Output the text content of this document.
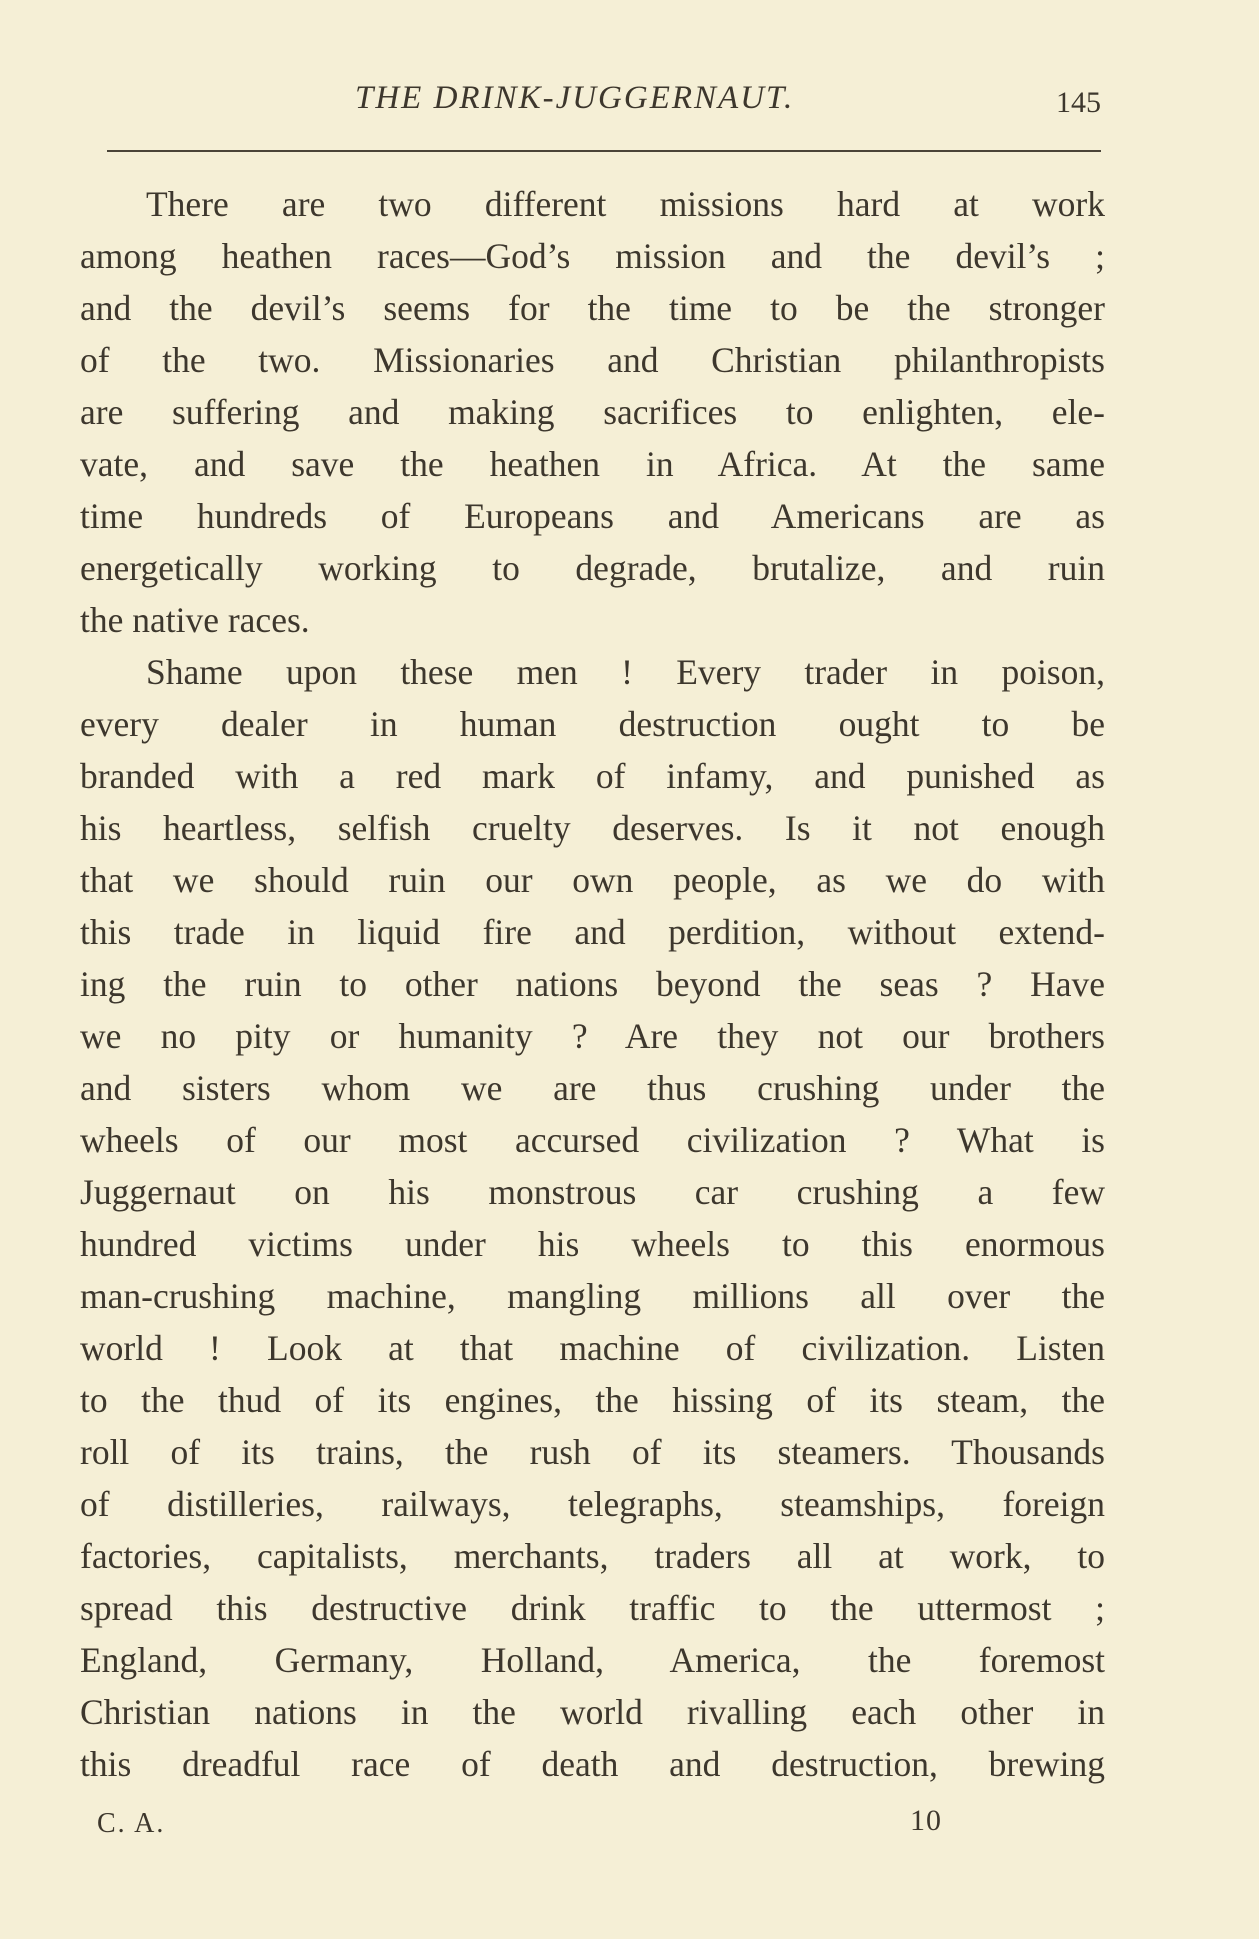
THE DRINK-JUGGERNAUT.	145
There are two different missions hard at work
among heathen races—God’s mission and the devil’s ;
and the devil’s seems for the time to be the stronger
of the two. Missionaries and Christian philanthropists
are suffering and making sacrifices to enlighten, ele-
vate, and save the heathen in Africa. At the same
time hundreds of Europeans and Americans are as
energetically working to degrade, brutalize, and ruin
the native races.
Shame upon these men ! Every trader in poison,
every dealer in human destruction ought to be
branded with a red mark of infamy, and punished as
his heartless, selfish cruelty deserves. Is it not enough
that we should ruin our own people, as we do with
this trade in liquid fire and perdition, without extend-
ing the ruin to other nations beyond the seas ? Have
we no pity or humanity ? Are they not our brothers
and sisters whom we are thus crushing under the
wheels of our most accursed civilization ? What is
Juggernaut on his monstrous car crushing a few
hundred victims under his wheels to this enormous
man-crushing machine, mangling millions all over the
world ! Look at that machine of civilization. Listen
to the thud of its engines, the hissing of its steam, the
roll of its trains, the rush of its steamers. Thousands
of distilleries, railways, telegraphs, steamships, foreign
factories, capitalists, merchants, traders all at work, to
spread this destructive drink traffic to the uttermost ;
England, Germany, Holland, America, the foremost
Christian nations in the world rivalling each other in
this dreadful race of death and destruction, brewing
C. A.	10
